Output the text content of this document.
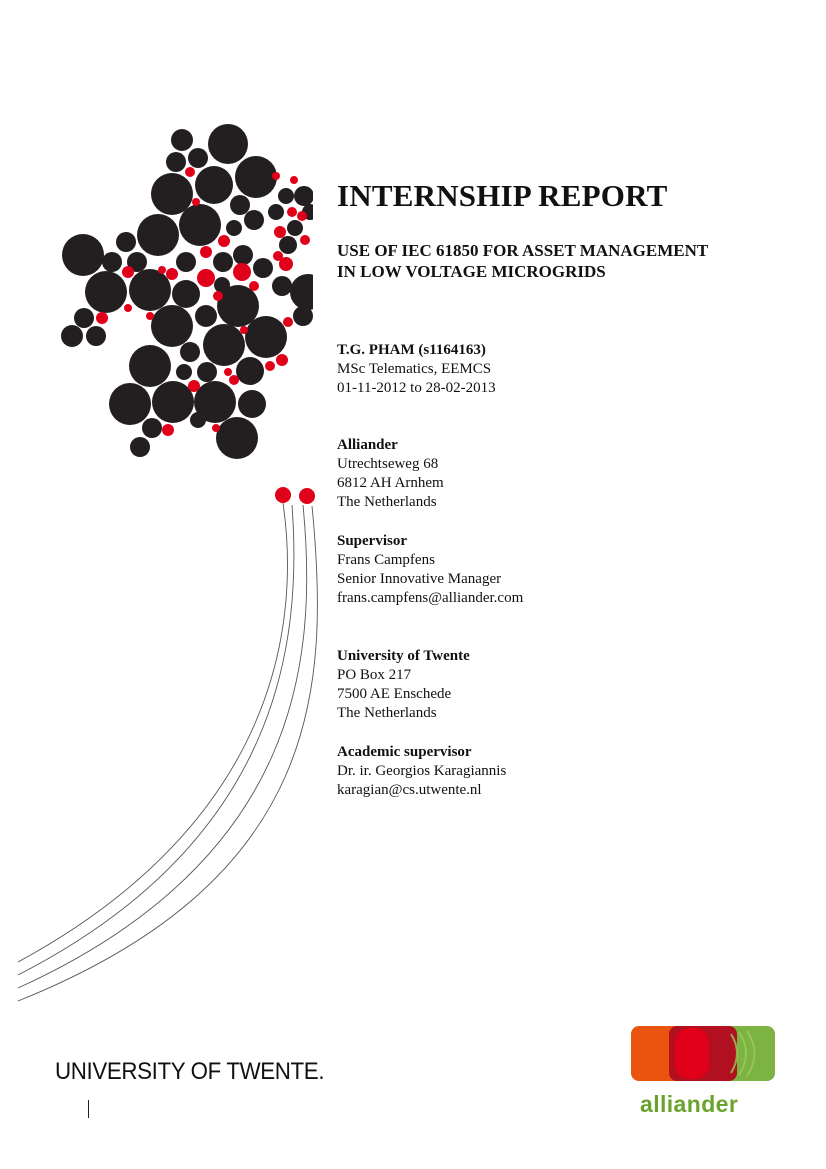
INTERNSHIP REPORT
USE OF IEC 61850 FOR ASSET MANAGEMENT
IN LOW VOLTAGE MICROGRIDS
T.G. PHAM (s1164163)
MSc Telematics, EEMCS
01-11-2012 to 28-02-2013
Alliander
Utrechtseweg 68
6812 AH Arnhem
The Netherlands
Supervisor
Frans Campfens
Senior Innovative Manager
frans.campfens@alliander.com
University of Twente
PO Box 217
7500 AE Enschede
The Netherlands
Academic supervisor
Dr. ir. Georgios Karagiannis
karagian@cs.utwente.nl
UNIVERSITY OF TWENTE.
alliander
